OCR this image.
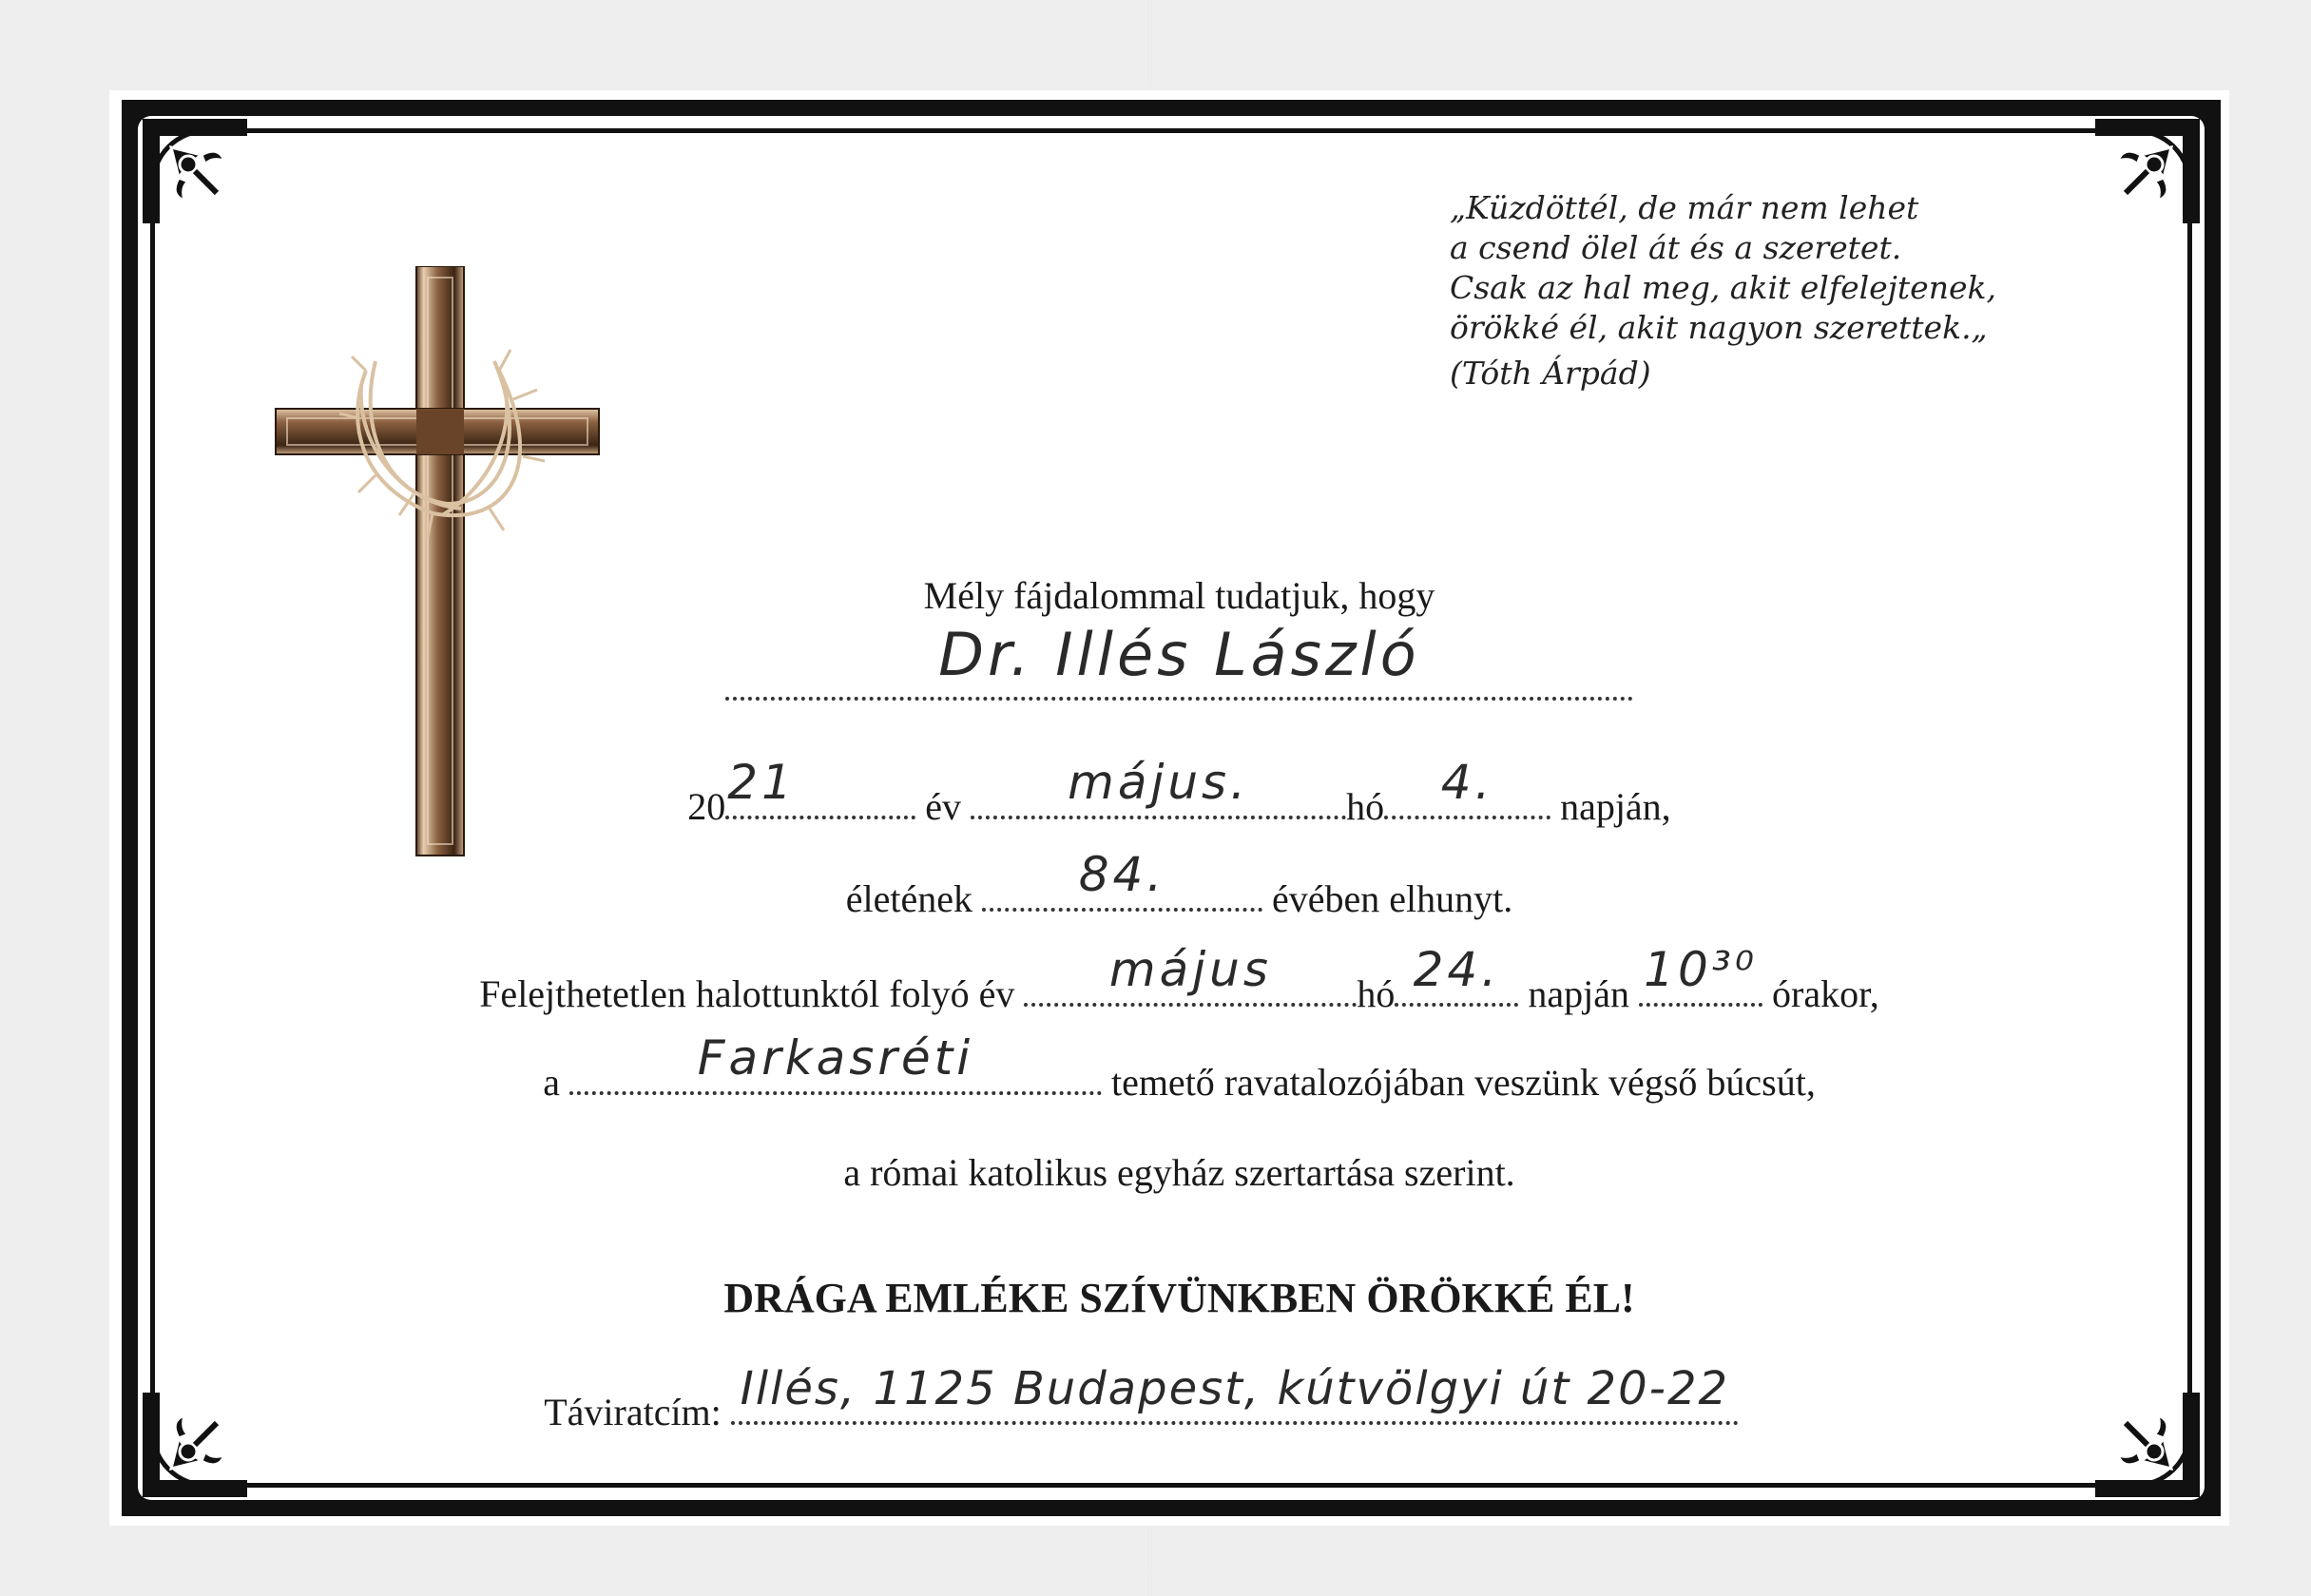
„Küzdöttél, de már nem lehet
a csend ölel át és a szeretet.
Csak az hal meg, akit elfelejtenek,
örökké él, akit nagyon szerettek.„
(Tóth Árpád)
Mély fájdalommal tudatjuk, hogy
Dr. Illés László
20 21	év	május.	hó	4.	napján,
életének	84.	évében elhunyt.
Felejthetetlen halottunktól folyó év	május	hó 24. napján 10³⁰ órakor,
a	Farkasréti	temető ravatalozójában veszünk végső búcsút,
a római katolikus egyház szertartása szerint.
DRÁGA EMLÉKE SZÍVÜNKBEN ÖRÖKKÉ ÉL!
Táviratcím: Illés, 1125 Budapest, kútvölgyi út 20-22
